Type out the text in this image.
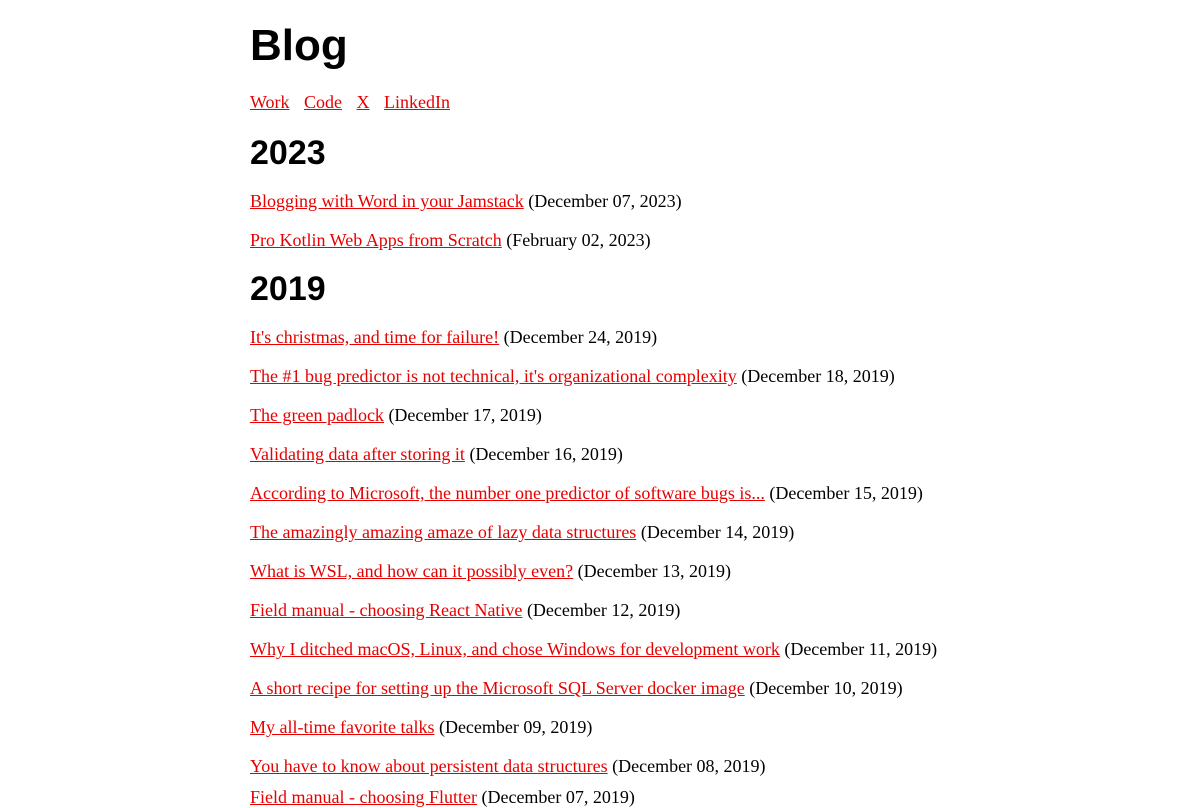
Blog
Work Code X LinkedIn
2023
Blogging with Word in your Jamstack (December 07, 2023)
Pro Kotlin Web Apps from Scratch (February 02, 2023)
2019
It's christmas, and time for failure! (December 24, 2019)
The #1 bug predictor is not technical, it's organizational complexity (December 18, 2019)
The green padlock (December 17, 2019)
Validating data after storing it (December 16, 2019)
According to Microsoft, the number one predictor of software bugs is... (December 15, 2019)
The amazingly amazing amaze of lazy data structures (December 14, 2019)
What is WSL, and how can it possibly even? (December 13, 2019)
Field manual - choosing React Native (December 12, 2019)
Why I ditched macOS, Linux, and chose Windows for development work (December 11, 2019)
A short recipe for setting up the Microsoft SQL Server docker image (December 10, 2019)
My all-time favorite talks (December 09, 2019)
You have to know about persistent data structures (December 08, 2019)
Field manual - choosing Flutter (December 07, 2019)
